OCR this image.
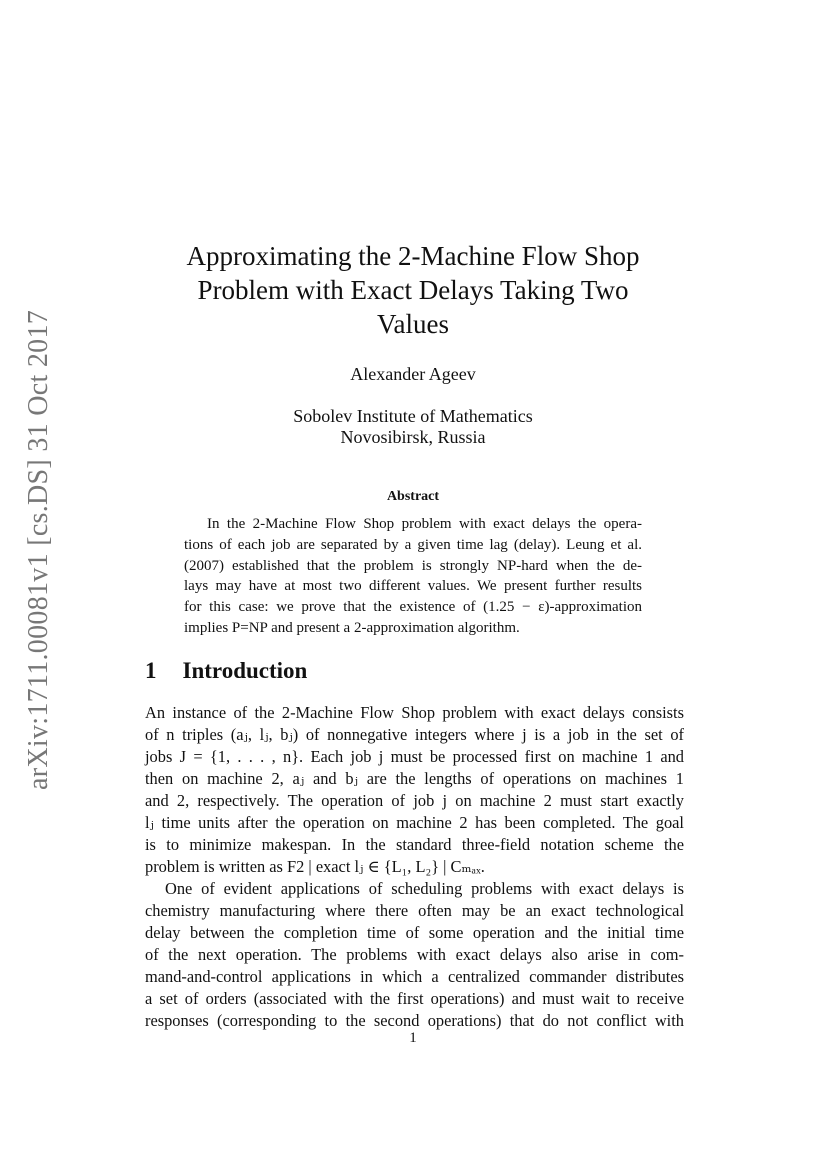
arXiv:1711.00081v1 [cs.DS] 31 Oct 2017
Approximating the 2-Machine Flow Shop
Problem with Exact Delays Taking Two
Values
Alexander Ageev
Sobolev Institute of Mathematics
Novosibirsk, Russia
Abstract
In the 2-Machine Flow Shop problem with exact delays the opera-
tions of each job are separated by a given time lag (delay). Leung et al.
(2007) established that the problem is strongly NP-hard when the de-
lays may have at most two different values. We present further results
for this case: we prove that the existence of (1.25 − ε)-approximation
implies P=NP and present a 2-approximation algorithm.
1 Introduction
An instance of the 2-Machine Flow Shop problem with exact delays consists
of n triples (aⱼ, lⱼ, bⱼ) of nonnegative integers where j is a job in the set of
jobs J = {1, . . . , n}. Each job j must be processed first on machine 1 and
then on machine 2, aⱼ and bⱼ are the lengths of operations on machines 1
and 2, respectively. The operation of job j on machine 2 must start exactly
lⱼ time units after the operation on machine 2 has been completed. The goal
is to minimize makespan. In the standard three-field notation scheme the
problem is written as F2 | exact lⱼ ∈ {L₁, L₂} | Cₘₐₓ.
One of evident applications of scheduling problems with exact delays is
chemistry manufacturing where there often may be an exact technological
delay between the completion time of some operation and the initial time
of the next operation. The problems with exact delays also arise in com-
mand-and-control applications in which a centralized commander distributes
a set of orders (associated with the first operations) and must wait to receive
responses (corresponding to the second operations) that do not conflict with
1
